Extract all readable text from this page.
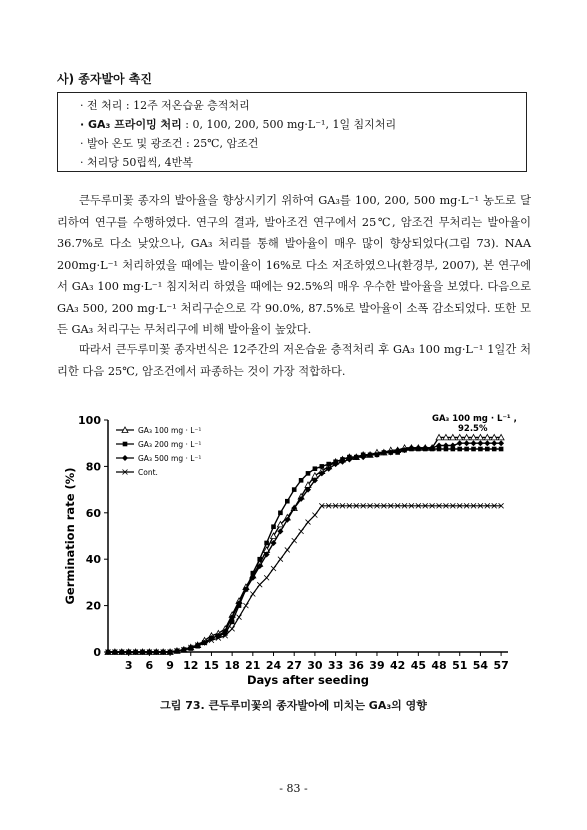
사) 종자발아 촉진
· 전 처리 : 12주 저온습윤 층적처리
· GA₃ 프라이밍 처리 : 0, 100, 200, 500 mg·L⁻¹, 1일 침지처리
· 발아 온도 및 광조건 : 25℃, 암조건
· 처리당 50립씩, 4반복
큰두루미꽃 종자의 발아율을 향상시키기 위하여 GA₃를 100, 200, 500 mg·L⁻¹ 농도로 달리하여 연구를 수행하였다. 연구의 결과, 발아조건 연구에서 25℃, 암조건 무처리는 발아율이 36.7%로 다소 낮았으나, GA₃ 처리를 통해 발아율이 매우 많이 향상되었다(그림 73). NAA 200mg·L⁻¹ 처리하였을 때에는 발이율이 16%로 다소 저조하였으나(환경부, 2007), 본 연구에서 GA₃ 100 mg·L⁻¹ 침지처리 하였을 때에는 92.5%의 매우 우수한 발아율을 보였다. 다음으로 GA₃ 500, 200 mg·L⁻¹ 처리구순으로 각 90.0%, 87.5%로 발아율이 소폭 감소되었다. 또한 모든 GA₃ 처리구는 무처리구에 비해 발아율이 높았다.
따라서 큰두루미꽃 종자번식은 12주간의 저온습윤 층적처리 후 GA₃ 100 mg·L⁻¹ 1일간 처리한 다음 25℃, 암조건에서 파종하는 것이 가장 적합하다.
0
20
40
60
80
100
3 6 9 12 15 18 21 24 27 30 33 36 39 42 45 48 51 54 57
Days after seeding
Germination rate (%)
GA₃ 100 mg · L⁻¹
GA₃ 200 mg · L⁻¹
GA₃ 500 mg · L⁻¹
Cont.
GA₃ 100 mg · L⁻¹ ,
92.5%
그림 73. 큰두루미꽃의 종자발아에 미치는 GA₃의 영향
- 83 -
